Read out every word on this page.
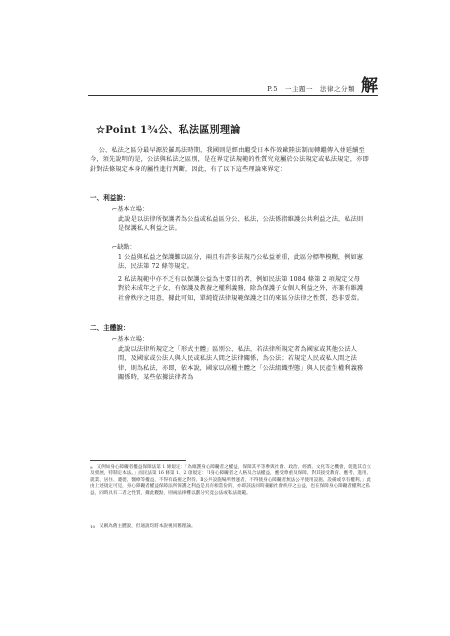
P.5　一主題一　法律之分類 解
☆Point 1¾公、私法區別理論
公、私法之區分最早源於羅馬法時期，我國則是經由繼受日本作效歐陸法制而轉繼傳入並延續至今，須先說明的是，公法與私法之區別，是在界定法規範的性質究竟屬於公法規定或私法規定，亦即針對法條規定本身的屬性進行判斷，因此，有了以下這些理論來界定：
一、利益說：
⌐基本立場：
此說是以法律所保護者為公益或私益區分公、私法，公法係指維護公共利益之法，私法則是保護私人利益之法。
⌐缺點：
1 公益與私益之保護難以區分，兩且有許多法規乃公私益並重，此區分標準模糊，例如憲法、民法第 72 條等規定。
2 私法規範中亦不乏有以保護公益為主要目的者，例如民法第 1084 條第 2 項規定父母對於未成年之子女，有保護及教養之權利義務，除為保護子女個人利益之外，亦兼有維護社會秩序之用意，據此可知，單純從法律規範保護之目的來區分法律之性質，恐非妥當。
二、主體說：
⌐基本立場：
此說以法律所規定之「形式主體」區別公、私法，若法律所規定者為國家或其他公法人間，及國家或公法人與人民或私法人間之法律關係，為公法；若規定人民或私人間之法律，則為私法，亦即，依本說，國家以高權主體之「公法組織型態」與人民產生權利義務關係時，某些依據法律者為
9 又例如身心障礙者權益保障法第 1 條規定：「為維護身心障礙者之權益，保障其平等參與社會、政治、經濟、文化等之機會，促進其自立及發展，特制定本法。」而民法第 16 條第 1、2 項規定：「Ⅰ身心障礙者之人格及合法權益，應受尊重及保障，對其接受教育、應考、進用、就業、居住、遷徙、醫療等權益，不得有歧視之對待。Ⅱ公共設施場所營運者，不得使身心障礙者無法公平使用設施、設備或享有權利。」此由上述規定可見，身心障礙者權益保障法所保護之利益是具有相當份的，亦即該法同時兼顧社會秩序之公益，也在保障身心障礙者權利之私益，同時具有二者之性質，據此觀點，則兩法律難以劃分究竟公法或私法規範。
10 又稱為舊主體說，但通說均將本說視同舊理論。
